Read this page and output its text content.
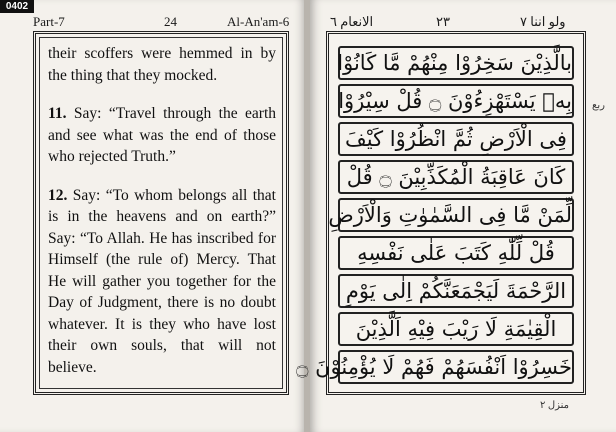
0402
Part-7	24	Al-An'am-6

their scoffers were hemmed in by the thing that they mocked.

11. Say: “Travel through the earth and see what was the end of those who rejected Truth.”

12. Say: “To whom belongs all that is in the heavens and on earth?” Say: “To Allah. He has inscribed for Himself (the rule of) Mercy. That He will gather you together for the Day of Judgment, there is no doubt whatever. It is they who have lost their own souls, that will not believe.

الانعام ٦	٢٣	ولو اننا ٧
بالَّذِيْنَ سَخِرُوْا مِنْهُمْ مَّا كَانُوْا
بِهٖ يَسْتَهْزِءُوْنَ ۝ قُلْ سِيْرُوْا
فِى الْاَرْضِ ثُمَّ انْظُرُوْا كَيْفَ
كَانَ عَاقِبَةُ الْمُكَذِّبِيْنَ ۝ قُلْ
لِّمَنْ مَّا فِى السَّمٰوٰتِ وَالْاَرْضِ
قُلْ لِّلّٰهِ كَتَبَ عَلٰى نَفْسِهِ
الرَّحْمَةَ لَيَجْمَعَنَّكُمْ اِلٰى يَوْمِ
الْقِيٰمَةِ لَا رَيْبَ فِيْهِ اَلَّذِيْنَ
خَسِرُوْا اَنْفُسَهُمْ فَهُمْ لَا يُؤْمِنُوْنَ ۝
ربع
منزل ٢
